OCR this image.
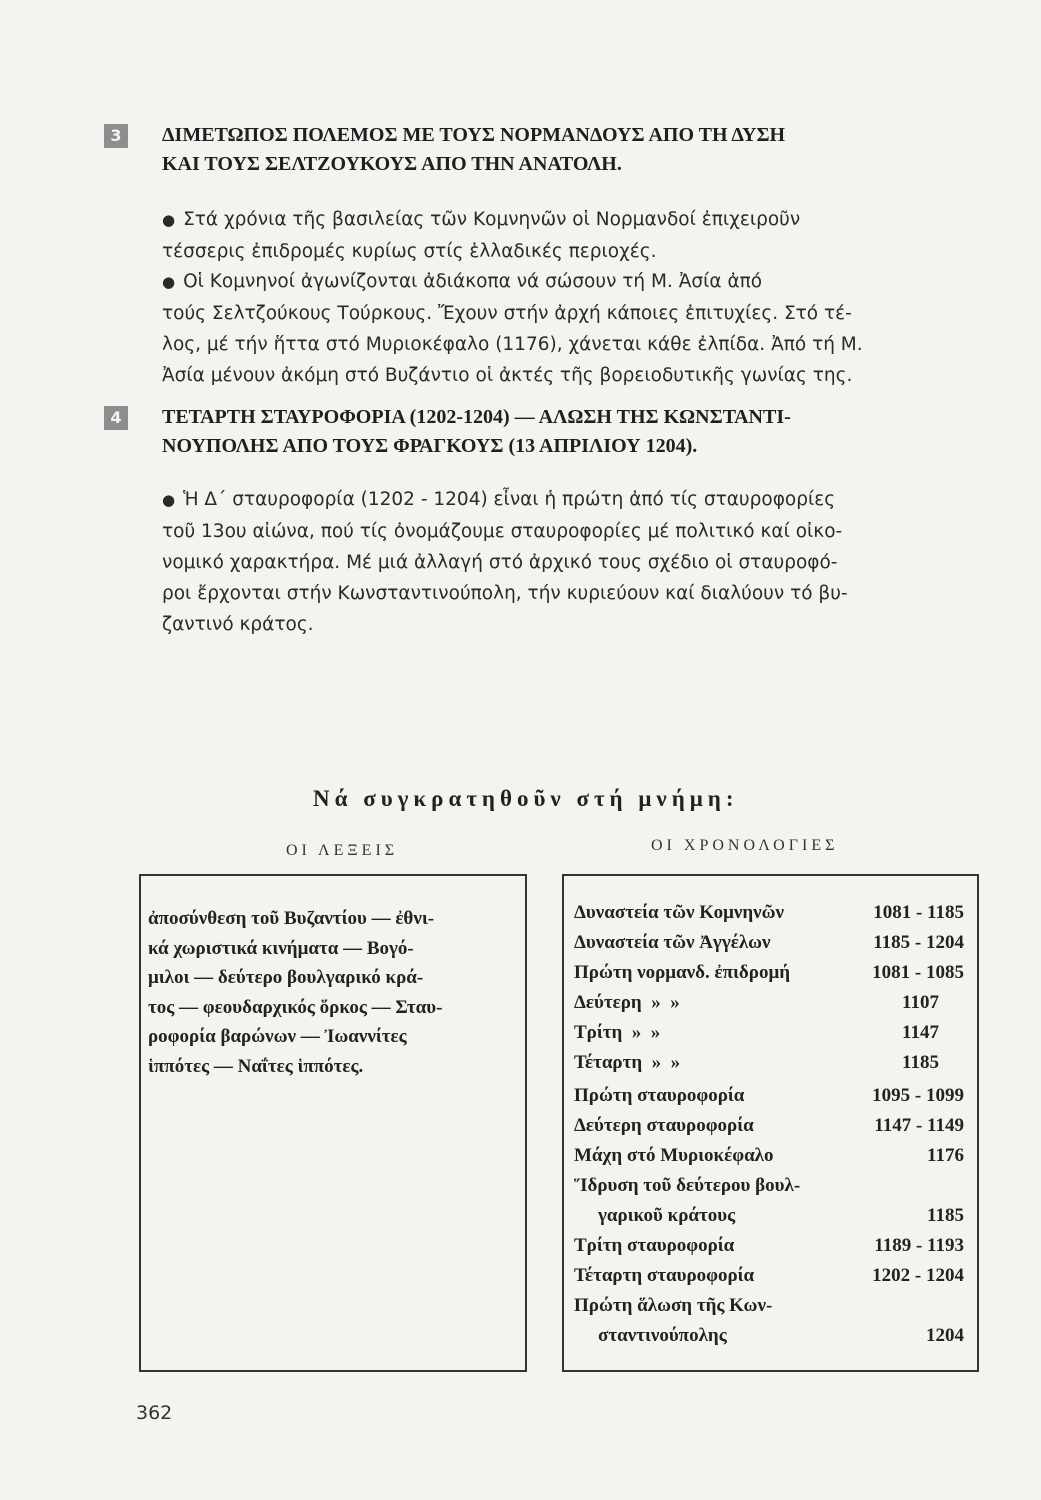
3	ΔΙΜΕΤΩΠΟΣ ΠΟΛΕΜΟΣ ΜΕ ΤΟΥΣ ΝΟΡΜΑΝΔΟΥΣ ΑΠΟ ΤΗ ΔΥΣΗ
ΚΑΙ ΤΟΥΣ ΣΕΛΤΖΟΥΚΟΥΣ ΑΠΟ ΤΗΝ ΑΝΑΤΟΛΗ.
● Στά χρόνια τῆς βασιλείας τῶν Κομνηνῶν οἱ Νορμανδοί ἐπιχειροῦν
τέσσερις ἐπιδρομές κυρίως στίς ἑλλαδικές περιοχές.
● Οἱ Κομνηνοί ἀγωνίζονται ἀδιάκοπα νά σώσουν τή Μ. Ἀσία ἀπό
τούς Σελτζούκους Τούρκους. Ἔχουν στήν ἀρχή κάποιες ἐπιτυχίες. Στό τέ-
λος, μέ τήν ἥττα στό Μυριοκέφαλο (1176), χάνεται κάθε ἐλπίδα. Ἀπό τή Μ.
Ἀσία μένουν ἀκόμη στό Βυζάντιο οἱ ἀκτές τῆς βορειοδυτικῆς γωνίας της.
4	ΤΕΤΑΡΤΗ ΣΤΑΥΡΟΦΟΡΙΑ (1202-1204) — ΑΛΩΣΗ ΤΗΣ ΚΩΝΣΤΑΝΤΙ-
ΝΟΥΠΟΛΗΣ ΑΠΟ ΤΟΥΣ ΦΡΑΓΚΟΥΣ (13 ΑΠΡΙΛΙΟΥ 1204).
● Ἡ Δ΄ σταυροφορία (1202 - 1204) εἶναι ἡ πρώτη ἀπό τίς σταυροφορίες
τοῦ 13ου αἰώνα, πού τίς ὀνομάζουμε σταυροφορίες μέ πολιτικό καί οἰκο-
νομικό χαρακτήρα. Μέ μιά ἀλλαγή στό ἀρχικό τους σχέδιο οἱ σταυροφό-
ροι ἔρχονται στήν Κωνσταντινούπολη, τήν κυριεύουν καί διαλύουν τό βυ-
ζαντινό κράτος.
Νά συγκρατηθοῦν στή μνήμη:
ΟΙ ΛΕΞΕΙΣ	ΟΙ ΧΡΟΝΟΛΟΓΙΕΣ
ἀποσύνθεση τοῦ Βυζαντίου — ἐθνι-
κά χωριστικά κινήματα — Βογό-
μιλοι — δεύτερο βουλγαρικό κρά-
τος — φεουδαρχικός ὅρκος — Σταυ-
ροφορία βαρώνων — Ἰωαννίτες
ἱππότες — Ναΐτες ἱππότες.
Δυναστεία τῶν Κομνηνῶν	1081 - 1185
Δυναστεία τῶν Ἀγγέλων	1185 - 1204
Πρώτη νορμανδ. ἐπιδρομή	1081 - 1085
Δεύτερη  »  »	1107
Τρίτη  »  »	1147
Τέταρτη  »  »	1185
Πρώτη σταυροφορία	1095 - 1099
Δεύτερη σταυροφορία	1147 - 1149
Μάχη στό Μυριοκέφαλο	1176
Ἵδρυση τοῦ δεύτερου βουλ-
γαρικοῦ κράτους	1185
Τρίτη σταυροφορία	1189 - 1193
Τέταρτη σταυροφορία	1202 - 1204
Πρώτη ἅλωση τῆς Κων-
σταντινούπολης	1204
362
